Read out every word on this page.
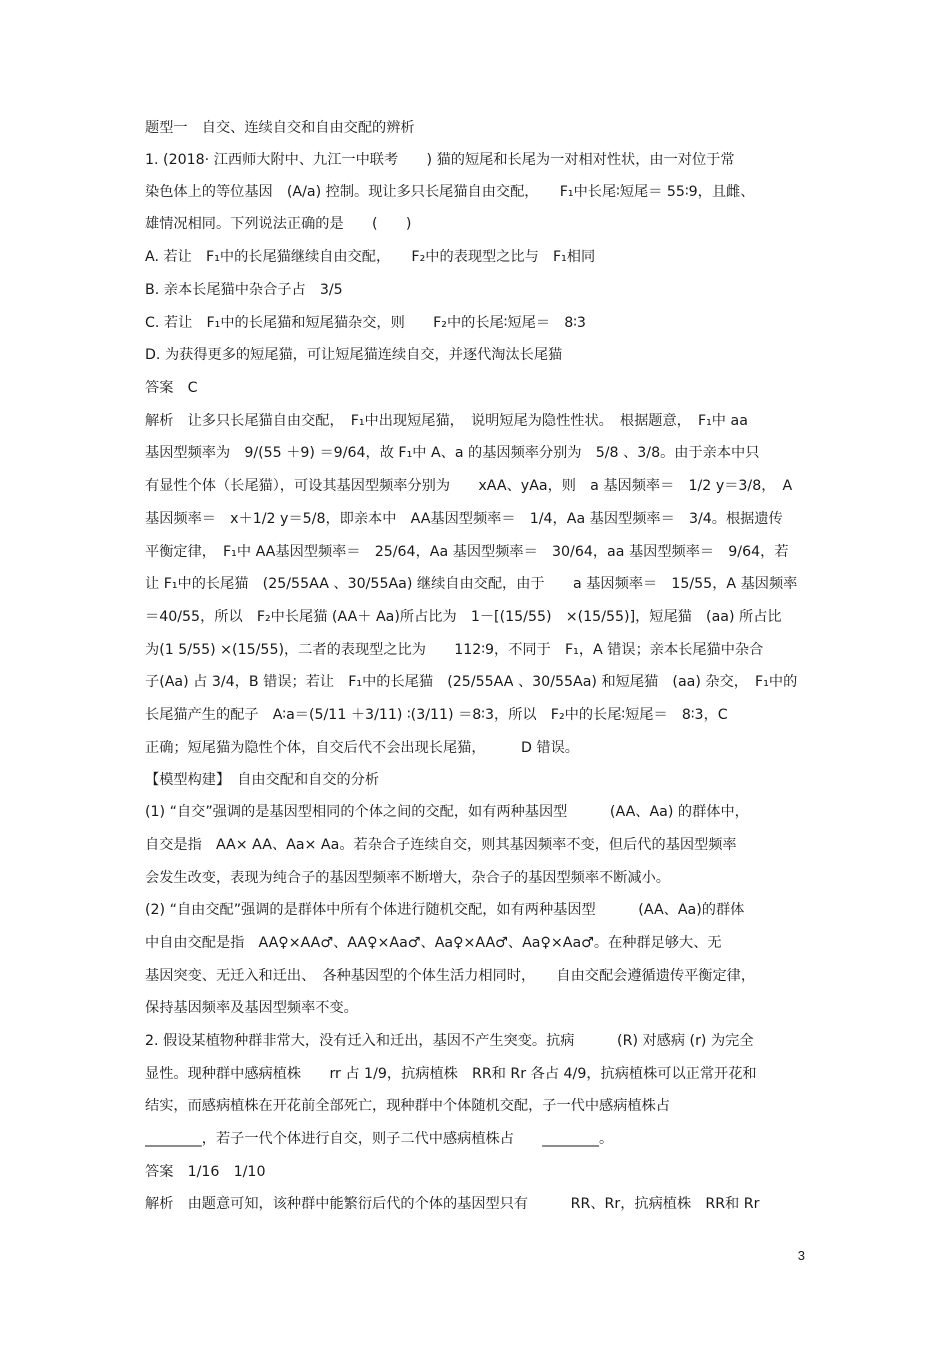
题型一　自交、连续自交和自由交配的辨析
1. (2018· 江西师大附中、九江一中联考　　) 猫的短尾和长尾为一对相对性状，由一对位于常
染色体上的等位基因　(A/a) 控制。现让多只长尾猫自由交配，　　F₁中长尾∶短尾＝ 55∶9，且雌、
雄情况相同。下列说法正确的是　　(　　)
A. 若让　F₁中的长尾猫继续自由交配，　　F₂中的表现型之比与　F₁相同
B. 亲本长尾猫中杂合子占　3/5
C. 若让　F₁中的长尾猫和短尾猫杂交，则　　F₂中的长尾∶短尾＝　8∶3
D. 为获得更多的短尾猫，可让短尾猫连续自交，并逐代淘汰长尾猫
答案　C
解析　让多只长尾猫自由交配，　F₁中出现短尾猫，　说明短尾为隐性性状。　根据题意，　F₁中 aa
基因型频率为　9/(55 ＋9) ＝9/64，故 F₁中 A、a 的基因频率分别为　5/8 、3/8。由于亲本中只
有显性个体（长尾猫），可设其基因型频率分别为　　xAA、yAa，则　a 基因频率＝　1/2 y＝3/8，　A
基因频率＝　x＋1/2 y＝5/8，即亲本中　AA基因型频率＝　1/4，Aa 基因型频率＝　3/4。根据遗传
平衡定律，　F₁中 AA基因型频率＝　25/64，Aa 基因型频率＝　30/64，aa 基因型频率＝　9/64，若
让 F₁中的长尾猫　(25/55AA 、30/55Aa) 继续自由交配，由于　　a 基因频率＝　15/55，A 基因频率
＝40/55，所以　F₂中长尾猫 (AA＋ Aa)所占比为　1－[(15/55)　×(15/55)]，短尾猫　(aa) 所占比
为(1 5/55) ×(15/55)，二者的表现型之比为　　112∶9，不同于　F₁，A 错误；亲本长尾猫中杂合
子(Aa) 占 3/4，B 错误；若让　F₁中的长尾猫　(25/55AA 、30/55Aa) 和短尾猫　(aa) 杂交，　F₁中的
长尾猫产生的配子　A∶a＝(5/11 ＋3/11) ∶(3/11) ＝8∶3，所以　F₂中的长尾∶短尾＝　8∶3，C
正确；短尾猫为隐性个体，自交后代不会出现长尾猫，　　　D 错误。
【模型构建】　自由交配和自交的分析
(1) “自交”强调的是基因型相同的个体之间的交配，如有两种基因型　　　(AA、Aa) 的群体中，
自交是指　AA× AA、Aa× Aa。若杂合子连续自交，则其基因频率不变，但后代的基因型频率
会发生改变，表现为纯合子的基因型频率不断增大，杂合子的基因型频率不断减小。
(2) “自由交配”强调的是群体中所有个体进行随机交配，如有两种基因型　　　(AA、Aa)的群体
中自由交配是指　AA♀×AA♂、AA♀×Aa♂、Aa♀×AA♂、Aa♀×Aa♂。在种群足够大、无
基因突变、无迁入和迁出、　各种基因型的个体生活力相同时，　　自由交配会遵循遗传平衡定律，
保持基因频率及基因型频率不变。
2. 假设某植物种群非常大，没有迁入和迁出，基因不产生突变。抗病　　　(R) 对感病 (r) 为完全
显性。现种群中感病植株　　rr 占 1/9，抗病植株　RR和 Rr 各占 4/9，抗病植株可以正常开花和
结实，而感病植株在开花前全部死亡，现种群中个体随机交配，子一代中感病植株占
________，若子一代个体进行自交，则子二代中感病植株占　　________。
答案　1/16　1/10
解析　由题意可知，该种群中能繁衍后代的个体的基因型只有　　　RR、Rr，抗病植株　RR和 Rr
3
